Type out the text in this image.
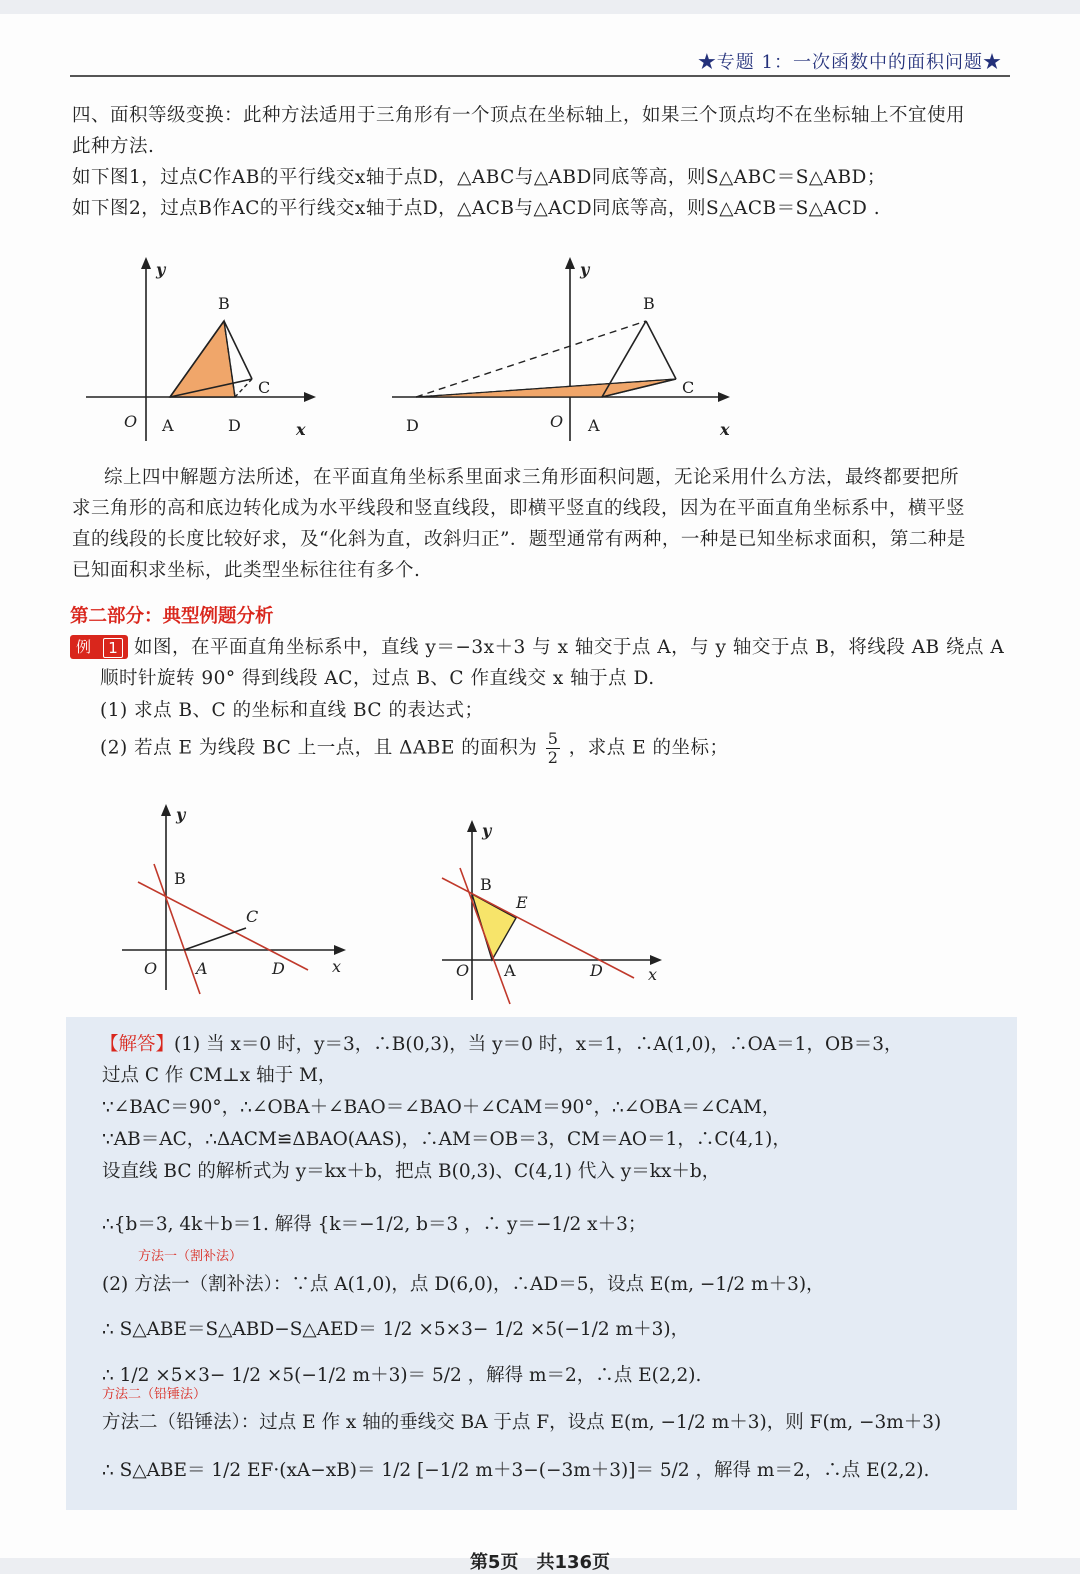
★专题 1：一次函数中的面积问题★
四、面积等级变换：此种方法适用于三角形有一个顶点在坐标轴上，如果三个顶点均不在坐标轴上不宜使用
此种方法.
如下图1，过点C作AB的平行线交x轴于点D，△ABC与△ABD同底等高，则S△ABC＝S△ABD；
如下图2，过点B作AC的平行线交x轴于点D，△ACB与△ACD同底等高，则S△ACB＝S△ACD .
y
B
C
O A	D	x
y
B
C
D	O A	x
综上四中解题方法所述，在平面直角坐标系里面求三角形面积问题，无论采用什么方法，最终都要把所
求三角形的高和底边转化成为水平线段和竖直线段，即横平竖直的线段，因为在平面直角坐标系中，横平竖
直的线段的长度比较好求，及“化斜为直，改斜归正”．题型通常有两种，一种是已知坐标求面积，第二种是
已知面积求坐标，此类型坐标往往有多个.
第二部分：典型例题分析
例	1 如图，在平面直角坐标系中，直线 y＝−3x＋3 与 x 轴交于点 A，与 y 轴交于点 B，将线段 AB 绕点 A
顺时针旋转 90° 得到线段 AC，过点 B、C 作直线交 x 轴于点 D.
(1) 求点 B、C 的坐标和直线 BC 的表达式；
(2) 若点 E 为线段 BC 上一点，且 ΔABE 的面积为 $\frac{5}{2}$ ，求点 E 的坐标；
y
B
C
O A	D	x
y
B
E
O A	D	x
【解答】(1) 当 x＝0 时，y＝3，∴B(0,3)，当 y＝0 时，x＝1，∴A(1,0)，∴OA＝1，OB＝3，
过点 C 作 CM⊥x 轴于 M，
∵∠BAC＝90°，∴∠OBA＋∠BAO＝∠BAO＋∠CAM＝90°，∴∠OBA＝∠CAM，
∵AB＝AC，∴ΔACM≌ΔBAO(AAS)，∴AM＝OB＝3，CM＝AO＝1，∴C(4,1)，
设直线 BC 的解析式为 y＝kx＋b，把点 B(0,3)、C(4,1) 代入 y＝kx＋b，
∴{b＝3, 4k＋b＝1. 解得 {k＝−1/2, b＝3 ，∴ y＝−1/2 x＋3；
(2) 方法一（割补法）：∵点 A(1,0)，点 D(6,0)，∴AD＝5，设点 E(m, −1/2 m＋3)，
方法一（割补法）
∴ S△ABE＝S△ABD−S△AED＝ 1/2 ×5×3− 1/2 ×5(−1/2 m＋3)，
∴ 1/2 ×5×3− 1/2 ×5(−1/2 m＋3)＝ 5/2 ，解得 m＝2，∴点 E(2,2).
方法二（铅锤法）：过点 E 作 x 轴的垂线交 BA 于点 F，设点 E(m, −1/2 m＋3)，则 F(m, −3m＋3)
方法二（铅锤法）
∴ S△ABE＝ 1/2 EF·(xA−xB)＝ 1/2 [−1/2 m＋3−(−3m＋3)]＝ 5/2 ，解得 m＝2，∴点 E(2,2).
第5页　共136页
